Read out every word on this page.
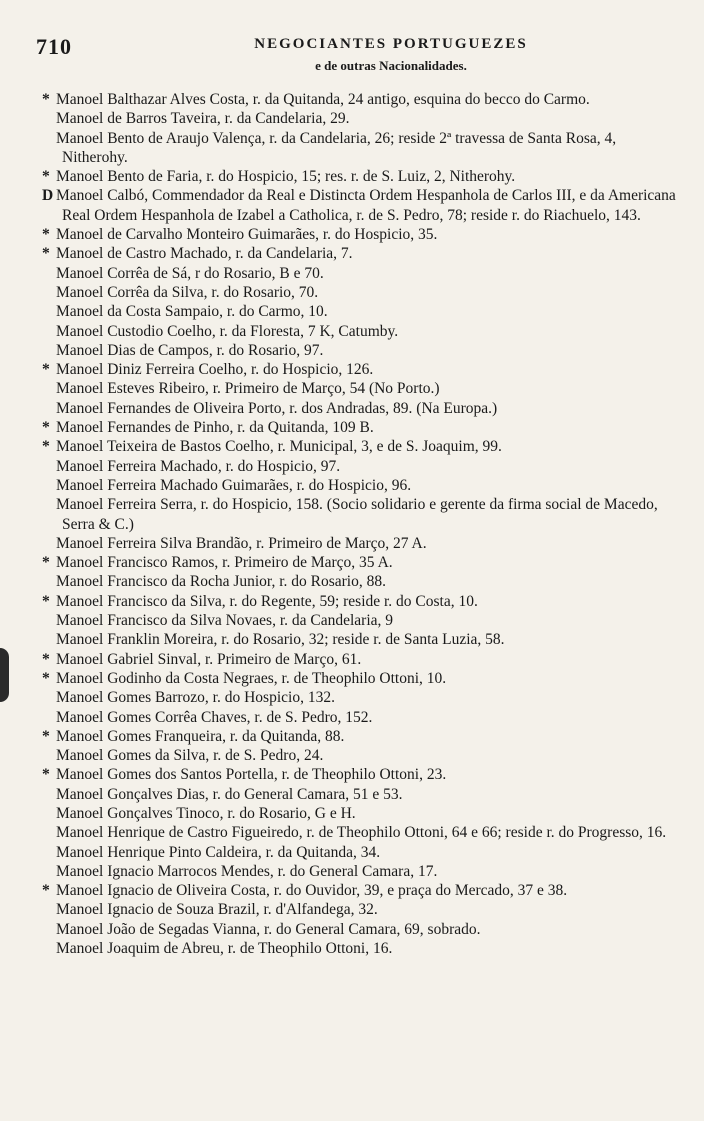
710	NEGOCIANTES PORTUGUEZES
e de outras Nacionalidades.

* Manoel Balthazar Alves Costa, r. da Quitanda, 24 antigo, esquina do becco do Carmo.

Manoel de Barros Taveira, r. da Candelaria, 29.

Manoel Bento de Araujo Valença, r. da Candelaria, 26; reside 2ª travessa de Santa Rosa, 4, Nitherohy.

* Manoel Bento de Faria, r. do Hospicio, 15; res. r. de S. Luiz, 2, Nitherohy.

D Manoel Calbó, Commendador da Real e Distincta Ordem Hespanhola de Carlos III, e da Americana Real Ordem Hespanhola de Izabel a Catholica, r. de S. Pedro, 78; reside r. do Riachuelo, 143.

* Manoel de Carvalho Monteiro Guimarães, r. do Hospicio, 35.

* Manoel de Castro Machado, r. da Candelaria, 7.

Manoel Corrêa de Sá, r do Rosario, B e 70.

Manoel Corrêa da Silva, r. do Rosario, 70.

Manoel da Costa Sampaio, r. do Carmo, 10.

Manoel Custodio Coelho, r. da Floresta, 7 K, Catumby.

Manoel Dias de Campos, r. do Rosario, 97.

* Manoel Diniz Ferreira Coelho, r. do Hospicio, 126.

Manoel Esteves Ribeiro, r. Primeiro de Março, 54 (No Porto.)

Manoel Fernandes de Oliveira Porto, r. dos Andradas, 89. (Na Europa.)

* Manoel Fernandes de Pinho, r. da Quitanda, 109 B.

* Manoel Teixeira de Bastos Coelho, r. Municipal, 3, e de S. Joaquim, 99.

Manoel Ferreira Machado, r. do Hospicio, 97.

Manoel Ferreira Machado Guimarães, r. do Hospicio, 96.

Manoel Ferreira Serra, r. do Hospicio, 158. (Socio solidario e gerente da firma social de Macedo, Serra & C.)

Manoel Ferreira Silva Brandão, r. Primeiro de Março, 27 A.

* Manoel Francisco Ramos, r. Primeiro de Março, 35 A.

Manoel Francisco da Rocha Junior, r. do Rosario, 88.

* Manoel Francisco da Silva, r. do Regente, 59; reside r. do Costa, 10.

Manoel Francisco da Silva Novaes, r. da Candelaria, 9

Manoel Franklin Moreira, r. do Rosario, 32; reside r. de Santa Luzia, 58.

* Manoel Gabriel Sinval, r. Primeiro de Março, 61.

* Manoel Godinho da Costa Negraes, r. de Theophilo Ottoni, 10.

Manoel Gomes Barrozo, r. do Hospicio, 132.

Manoel Gomes Corrêa Chaves, r. de S. Pedro, 152.

* Manoel Gomes Franqueira, r. da Quitanda, 88.

Manoel Gomes da Silva, r. de S. Pedro, 24.

* Manoel Gomes dos Santos Portella, r. de Theophilo Ottoni, 23.

Manoel Gonçalves Dias, r. do General Camara, 51 e 53.

Manoel Gonçalves Tinoco, r. do Rosario, G e H.

Manoel Henrique de Castro Figueiredo, r. de Theophilo Ottoni, 64 e 66; reside r. do Progresso, 16.

Manoel Henrique Pinto Caldeira, r. da Quitanda, 34.

Manoel Ignacio Marrocos Mendes, r. do General Camara, 17.

* Manoel Ignacio de Oliveira Costa, r. do Ouvidor, 39, e praça do Mercado, 37 e 38.

Manoel Ignacio de Souza Brazil, r. d'Alfandega, 32.

Manoel João de Segadas Vianna, r. do General Camara, 69, sobrado.

Manoel Joaquim de Abreu, r. de Theophilo Ottoni, 16.
